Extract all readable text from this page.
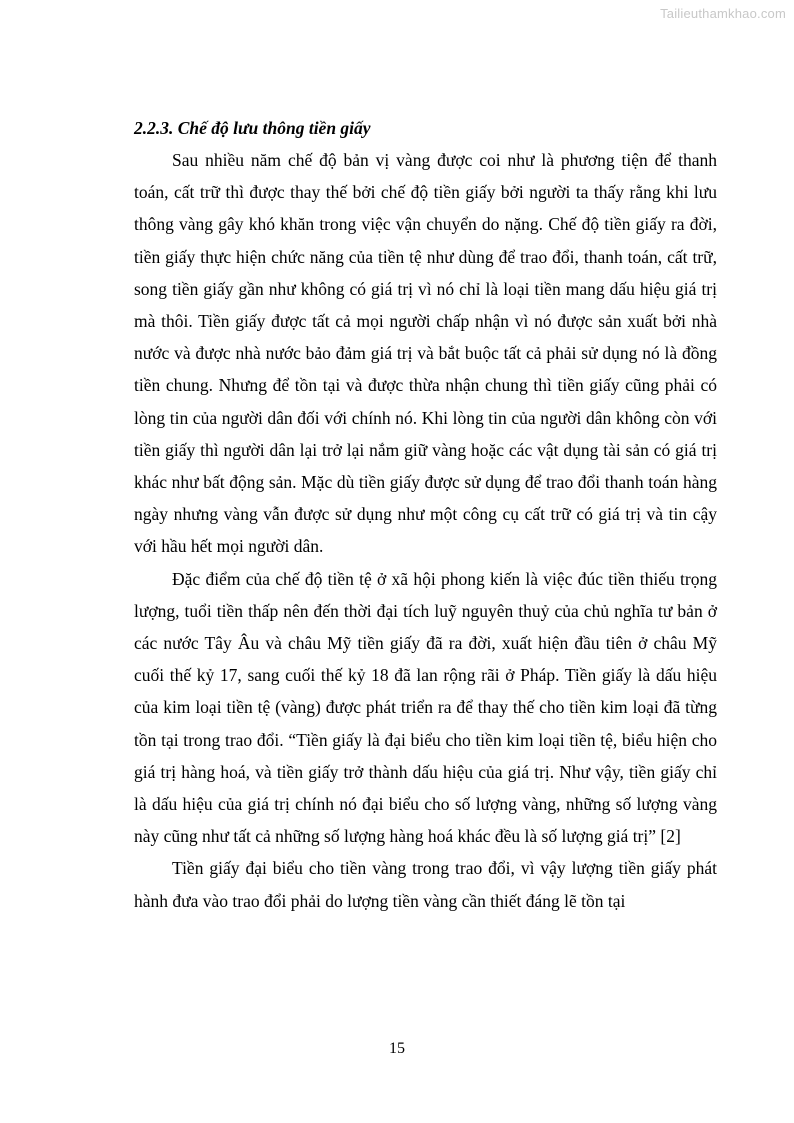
Tailieuthamkhao.com

2.2.3. Chế độ lưu thông tiền giấy

Sau nhiều năm chế độ bản vị vàng được coi như là phương tiện để thanh toán, cất trữ thì được thay thế bởi chế độ tiền giấy bởi người ta thấy rằng khi lưu thông vàng gây khó khăn trong việc vận chuyển do nặng. Chế độ tiền giấy ra đời, tiền giấy thực hiện chức năng của tiền tệ như dùng để trao đổi, thanh toán, cất trữ, song tiền giấy gần như không có giá trị vì nó chỉ là loại tiền mang dấu hiệu giá trị mà thôi. Tiền giấy được tất cả mọi người chấp nhận vì nó được sản xuất bởi nhà nước và được nhà nước bảo đảm giá trị và bắt buộc tất cả phải sử dụng nó là đồng tiền chung. Nhưng để tồn tại và được thừa nhận chung thì tiền giấy cũng phải có lòng tin của người dân đối với chính nó. Khi lòng tin của người dân không còn với tiền giấy thì người dân lại trở lại nắm giữ vàng hoặc các vật dụng tài sản có giá trị khác như bất động sản. Mặc dù tiền giấy được sử dụng để trao đổi thanh toán hàng ngày nhưng vàng vẫn được sử dụng như một công cụ cất trữ có giá trị và tin cậy với hầu hết mọi người dân.

Đặc điểm của chế độ tiền tệ ở xã hội phong kiến là việc đúc tiền thiếu trọng lượng, tuổi tiền thấp nên đến thời đại tích luỹ nguyên thuỷ của chủ nghĩa tư bản ở các nước Tây Âu và châu Mỹ tiền giấy đã ra đời, xuất hiện đầu tiên ở châu Mỹ cuối thế kỷ 17, sang cuối thế kỷ 18 đã lan rộng rãi ở Pháp. Tiền giấy là dấu hiệu của kim loại tiền tệ (vàng) được phát triển ra để thay thế cho tiền kim loại đã từng tồn tại trong trao đổi. “Tiền giấy là đại biểu cho tiền kim loại tiền tệ, biểu hiện cho giá trị hàng hoá, và tiền giấy trở thành dấu hiệu của giá trị. Như vậy, tiền giấy chỉ là dấu hiệu của giá trị chính nó đại biểu cho số lượng vàng, những số lượng vàng này cũng như tất cả những số lượng hàng hoá khác đều là số lượng giá trị” [2]

Tiền giấy đại biểu cho tiền vàng trong trao đổi, vì vậy lượng tiền giấy phát hành đưa vào trao đổi phải do lượng tiền vàng cần thiết đáng lẽ tồn tại

15
